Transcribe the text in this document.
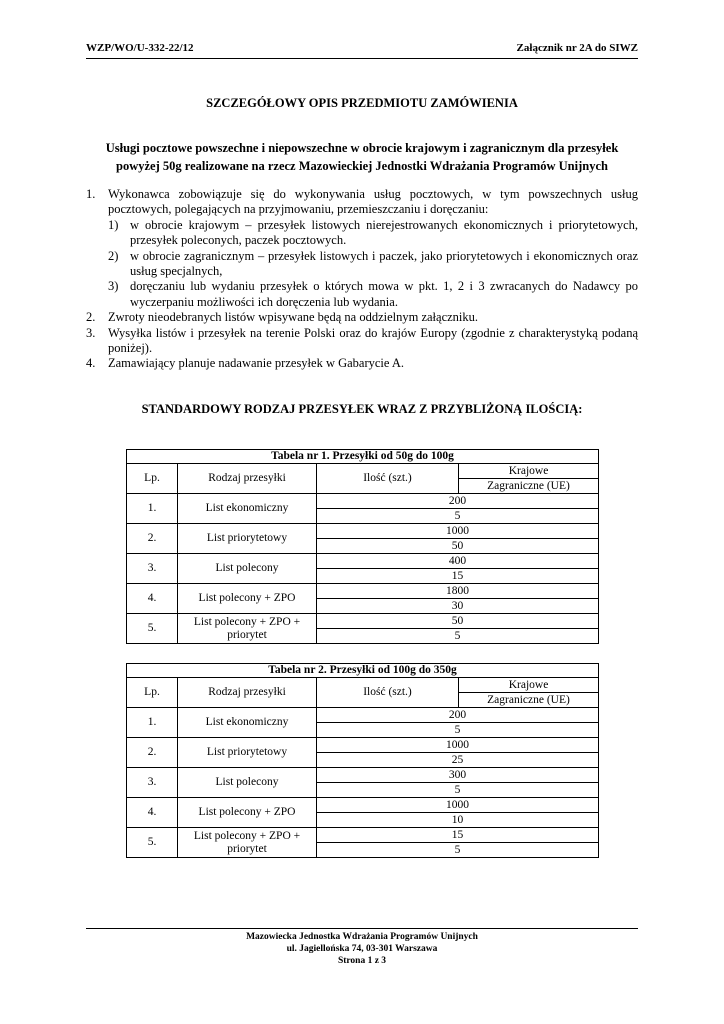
WZP/WO/U-332-22/12	Załącznik nr 2A do SIWZ
SZCZEGÓŁOWY OPIS PRZEDMIOTU ZAMÓWIENIA
Usługi pocztowe powszechne i niepowszechne w obrocie krajowym i zagranicznym dla przesyłek
powyżej 50g realizowane na rzecz Mazowieckiej Jednostki Wdrażania Programów Unijnych
1. Wykonawca zobowiązuje się do wykonywania usług pocztowych, w tym powszechnych usług pocztowych, polegających na przyjmowaniu, przemieszczaniu i doręczaniu:
1) w obrocie krajowym – przesyłek listowych nierejestrowanych ekonomicznych i priorytetowych, przesyłek poleconych, paczek pocztowych.
2) w obrocie zagranicznym – przesyłek listowych i paczek, jako priorytetowych i ekonomicznych oraz usług specjalnych,
3) doręczaniu lub wydaniu przesyłek o których mowa w pkt. 1, 2 i 3 zwracanych do Nadawcy po wyczerpaniu możliwości ich doręczenia lub wydania.
2. Zwroty nieodebranych listów wpisywane będą na oddzielnym załączniku.
3. Wysyłka listów i przesyłek na terenie Polski oraz do krajów Europy (zgodnie z charakterystyką podaną poniżej).
4. Zamawiający planuje nadawanie przesyłek w Gabarycie A.
STANDARDOWY RODZAJ PRZESYŁEK WRAZ Z PRZYBLIŻONĄ ILOŚCIĄ:
Tabela nr 1. Przesyłki od 50g do 100g			
Lp.	Rodzaj przesyłki	Ilość (szt.)	Krajowe
			Zagraniczne (UE)
1.	List ekonomiczny	200	
		5	
2.	List priorytetowy	1000	
		50	
3.	List polecony	400	
		15	
4.	List polecony + ZPO	1800	
		30	
5.	List polecony + ZPO + priorytet	50	
		5	
Tabela nr 2. Przesyłki od 100g do 350g			
Lp.	Rodzaj przesyłki	Ilość (szt.)	Krajowe
			Zagraniczne (UE)
1.	List ekonomiczny	200	
		5	
2.	List priorytetowy	1000	
		25	
3.	List polecony	300	
		5	
4.	List polecony + ZPO	1000	
		10	
5.	List polecony + ZPO + priorytet	15	
		5	
Mazowiecka Jednostka Wdrażania Programów Unijnych
ul. Jagiellońska 74, 03-301 Warszawa
Strona 1 z 3
